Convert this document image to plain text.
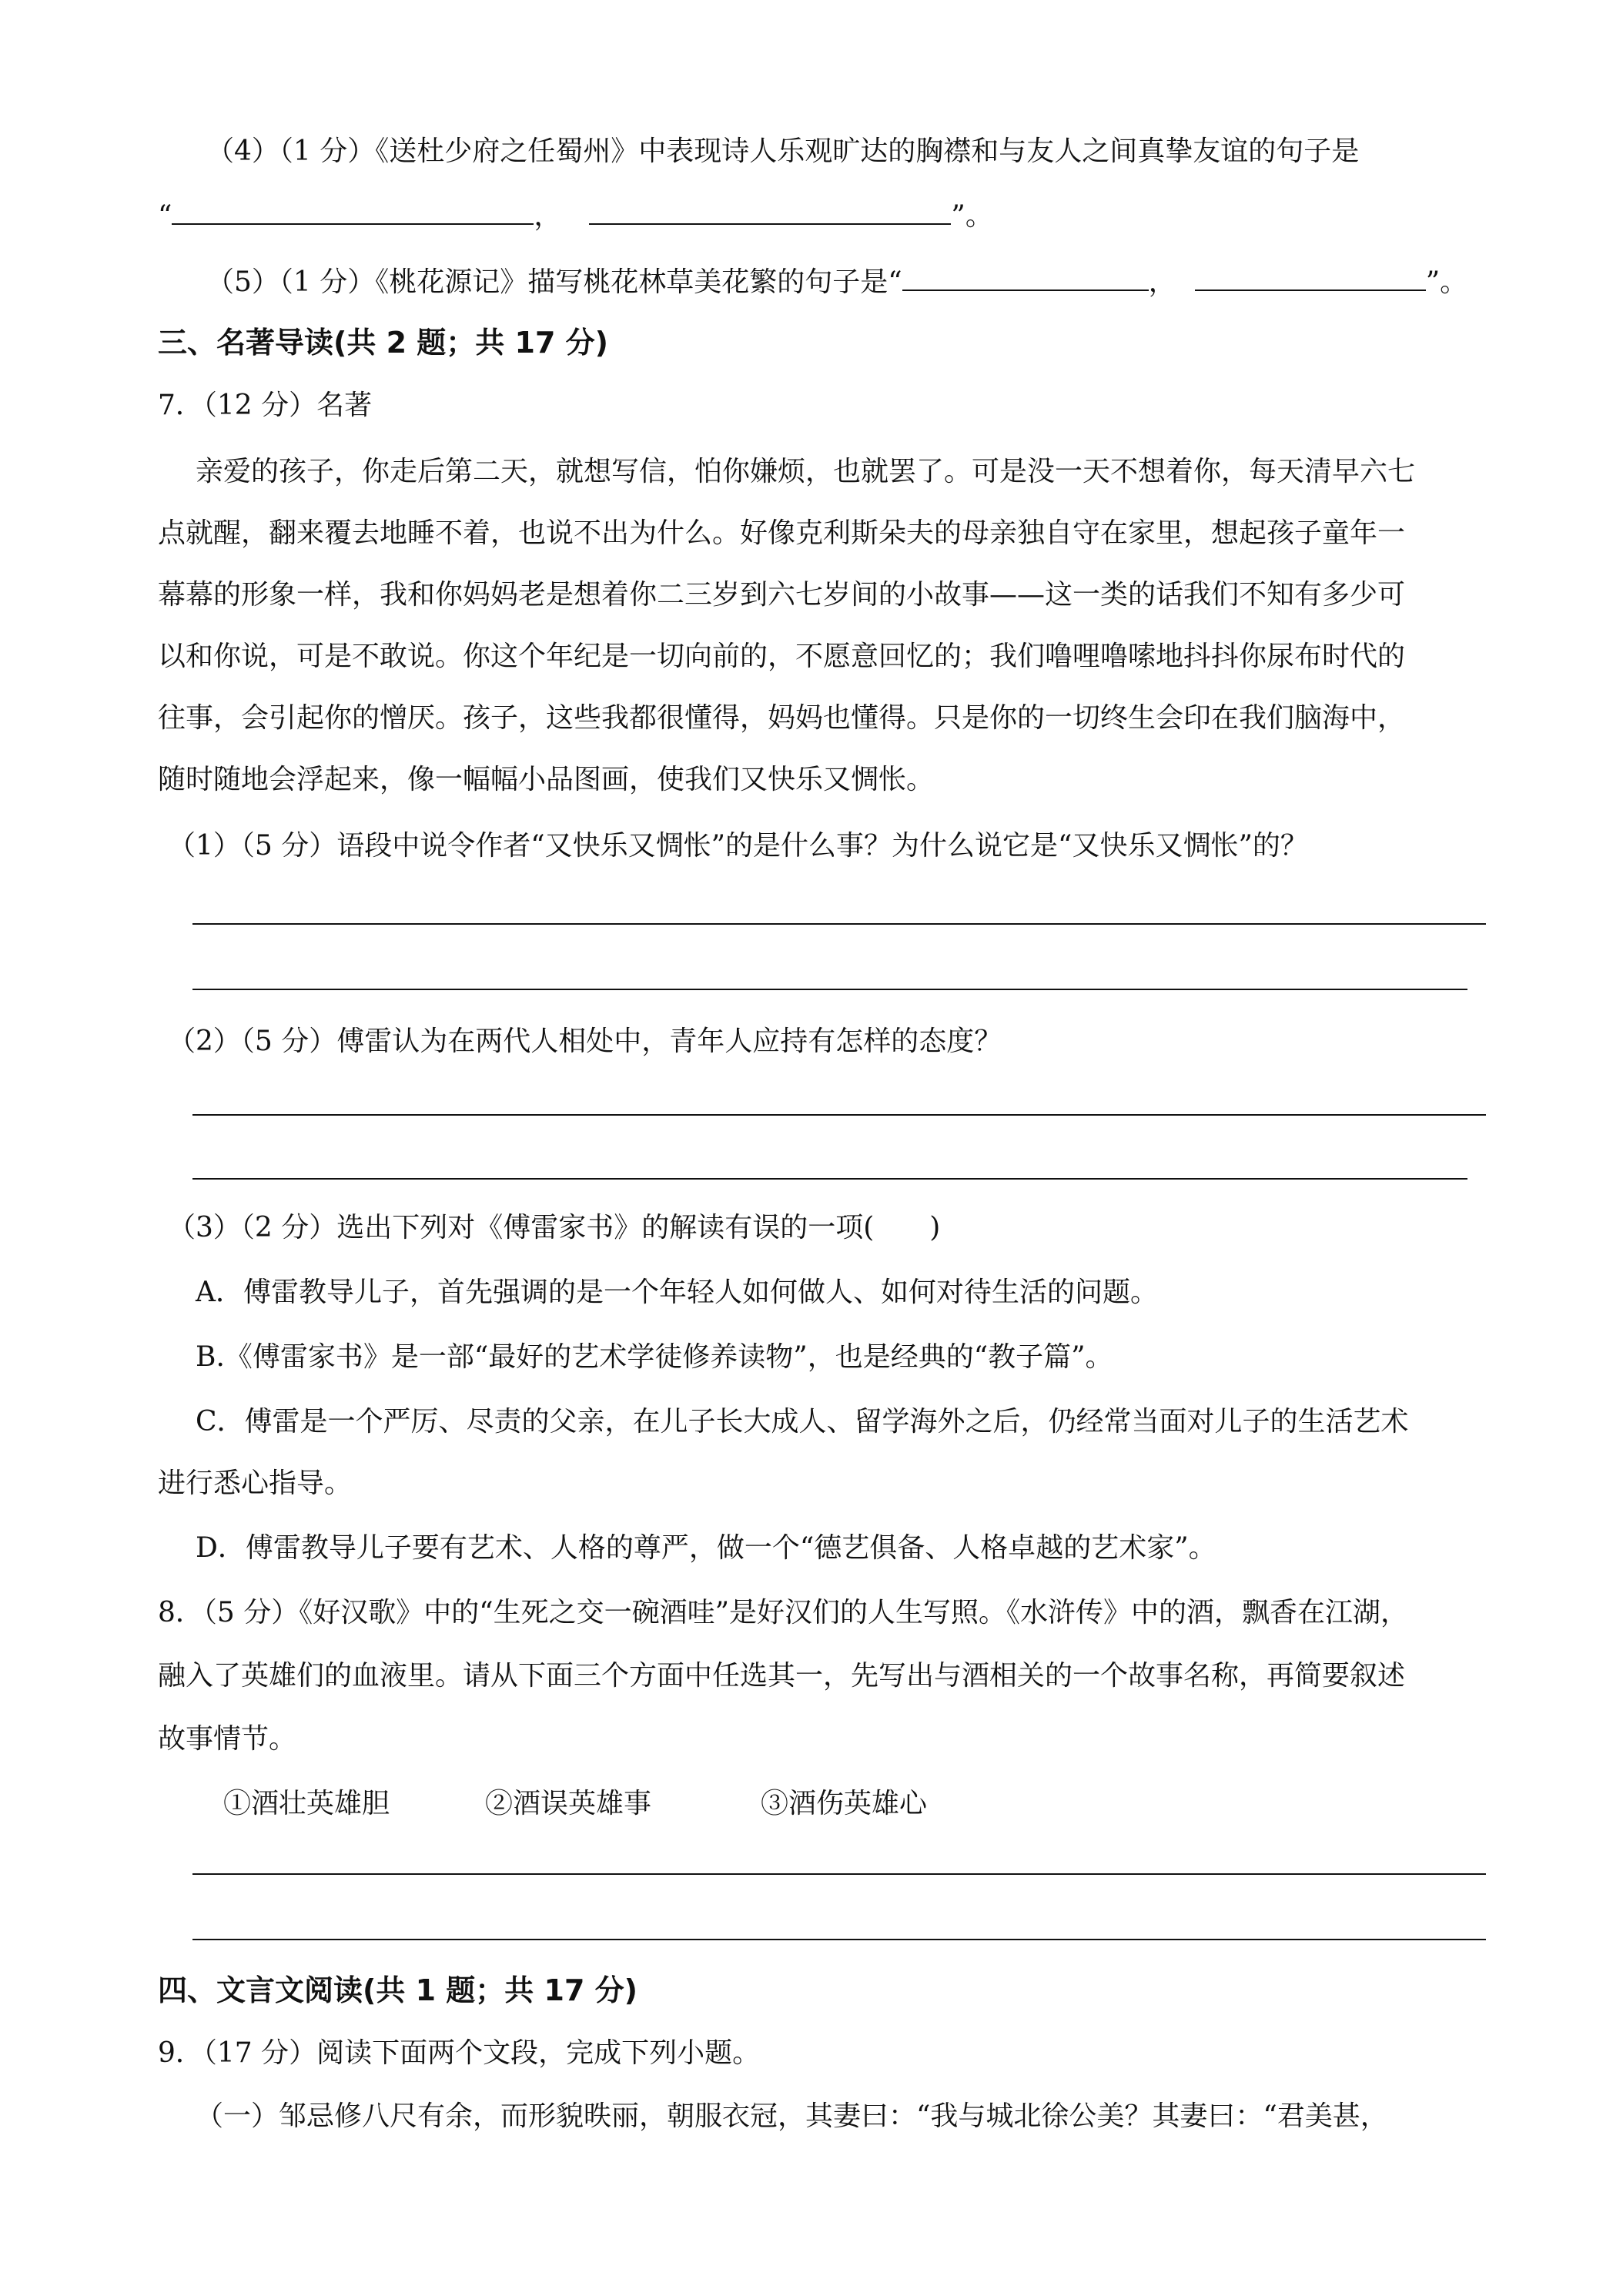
（4）（1 分）《送杜少府之任蜀州》中表现诗人乐观旷达的胸襟和与友人之间真挚友谊的句子是
“	，	”。
（5）（1 分）《桃花源记》描写桃花林草美花繁的句子是“	，	”。
三、名著导读(共 2 题；共 17 分)
7．（12 分）名著
亲爱的孩子，你走后第二天，就想写信，怕你嫌烦，也就罢了。可是没一天不想着你，每天清早六七
点就醒，翻来覆去地睡不着，也说不出为什么。好像克利斯朵夫的母亲独自守在家里，想起孩子童年一
幕幕的形象一样，我和你妈妈老是想着你二三岁到六七岁间的小故事——这一类的话我们不知有多少可
以和你说，可是不敢说。你这个年纪是一切向前的，不愿意回忆的；我们噜哩噜嗦地抖抖你尿布时代的
往事，会引起你的憎厌。孩子，这些我都很懂得，妈妈也懂得。只是你的一切终生会印在我们脑海中，
随时随地会浮起来，像一幅幅小品图画，使我们又快乐又惆怅。
（1）（5 分）语段中说令作者“又快乐又惆怅”的是什么事？为什么说它是“又快乐又惆怅”的？
（2）（5 分）傅雷认为在两代人相处中，青年人应持有怎样的态度？
（3）（2 分）选出下列对《傅雷家书》的解读有误的一项(　　)
A．傅雷教导儿子，首先强调的是一个年轻人如何做人、如何对待生活的问题。
B.《傅雷家书》是一部“最好的艺术学徒修养读物”，也是经典的“教子篇”。
C．傅雷是一个严厉、尽责的父亲，在儿子长大成人、留学海外之后，仍经常当面对儿子的生活艺术
进行悉心指导。
D．傅雷教导儿子要有艺术、人格的尊严，做一个“德艺俱备、人格卓越的艺术家”。
8．（5 分）《好汉歌》中的“生死之交一碗酒哇”是好汉们的人生写照。《水浒传》中的酒，飘香在江湖，
融入了英雄们的血液里。请从下面三个方面中任选其一，先写出与酒相关的一个故事名称，再简要叙述
故事情节。
①酒壮英雄胆	②酒误英雄事	③酒伤英雄心
四、文言文阅读(共 1 题；共 17 分)
9．（17 分）阅读下面两个文段，完成下列小题。
（一）邹忌修八尺有余，而形貌昳丽，朝服衣冠，其妻曰：“我与城北徐公美？其妻曰：“君美甚，
